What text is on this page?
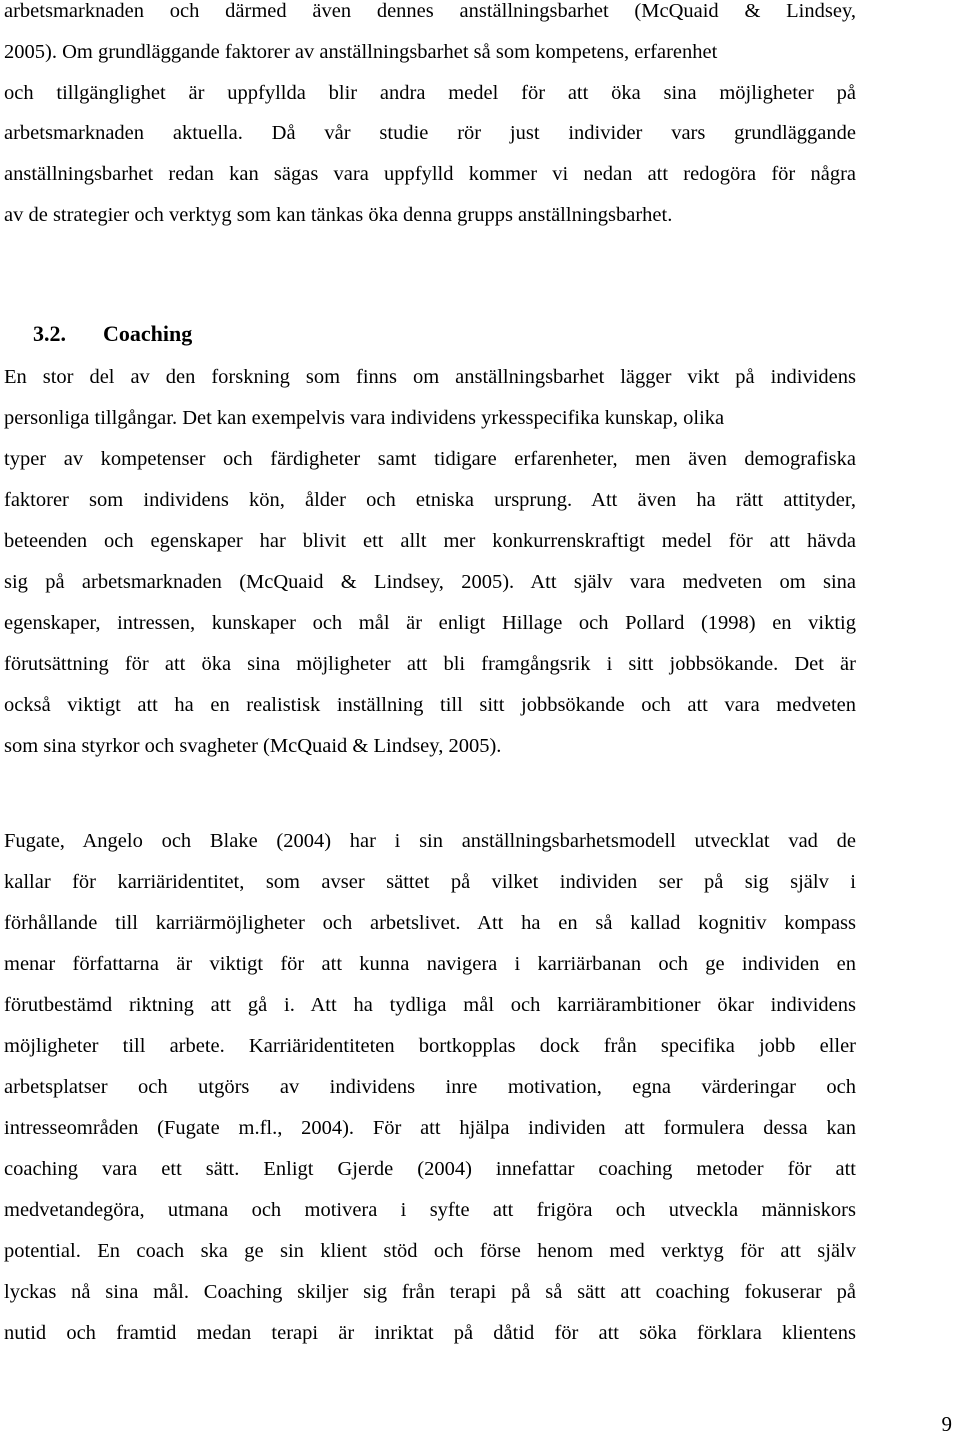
arbetsmarknaden och därmed även dennes anställningsbarhet (McQuaid & Lindsey,
2005). Om grundläggande faktorer av anställningsbarhet så som kompetens, erfarenhet
och tillgänglighet är uppfyllda blir andra medel för att öka sina möjligheter på
arbetsmarknaden aktuella. Då vår studie rör just individer vars grundläggande
anställningsbarhet redan kan sägas vara uppfylld kommer vi nedan att redogöra för några
av de strategier och verktyg som kan tänkas öka denna grupps anställningsbarhet.
3.2. Coaching
En stor del av den forskning som finns om anställningsbarhet lägger vikt på individens
personliga tillgångar. Det kan exempelvis vara individens yrkesspecifika kunskap, olika
typer av kompetenser och färdigheter samt tidigare erfarenheter, men även demografiska
faktorer som individens kön, ålder och etniska ursprung. Att även ha rätt attityder,
beteenden och egenskaper har blivit ett allt mer konkurrenskraftigt medel för att hävda
sig på arbetsmarknaden (McQuaid & Lindsey, 2005). Att själv vara medveten om sina
egenskaper, intressen, kunskaper och mål är enligt Hillage och Pollard (1998) en viktig
förutsättning för att öka sina möjligheter att bli framgångsrik i sitt jobbsökande. Det är
också viktigt att ha en realistisk inställning till sitt jobbsökande och att vara medveten
som sina styrkor och svagheter (McQuaid & Lindsey, 2005).
Fugate, Angelo och Blake (2004) har i sin anställningsbarhetsmodell utvecklat vad de
kallar för karriäridentitet, som avser sättet på vilket individen ser på sig själv i
förhållande till karriärmöjligheter och arbetslivet. Att ha en så kallad kognitiv kompass
menar författarna är viktigt för att kunna navigera i karriärbanan och ge individen en
förutbestämd riktning att gå i. Att ha tydliga mål och karriärambitioner ökar individens
möjligheter till arbete. Karriäridentiteten bortkopplas dock från specifika jobb eller
arbetsplatser och utgörs av individens inre motivation, egna värderingar och
intresseområden (Fugate m.fl., 2004). För att hjälpa individen att formulera dessa kan
coaching vara ett sätt. Enligt Gjerde (2004) innefattar coaching metoder för att
medvetandegöra, utmana och motivera i syfte att frigöra och utveckla människors
potential. En coach ska ge sin klient stöd och förse henom med verktyg för att själv
lyckas nå sina mål. Coaching skiljer sig från terapi på så sätt att coaching fokuserar på
nutid och framtid medan terapi är inriktat på dåtid för att söka förklara klientens
9
